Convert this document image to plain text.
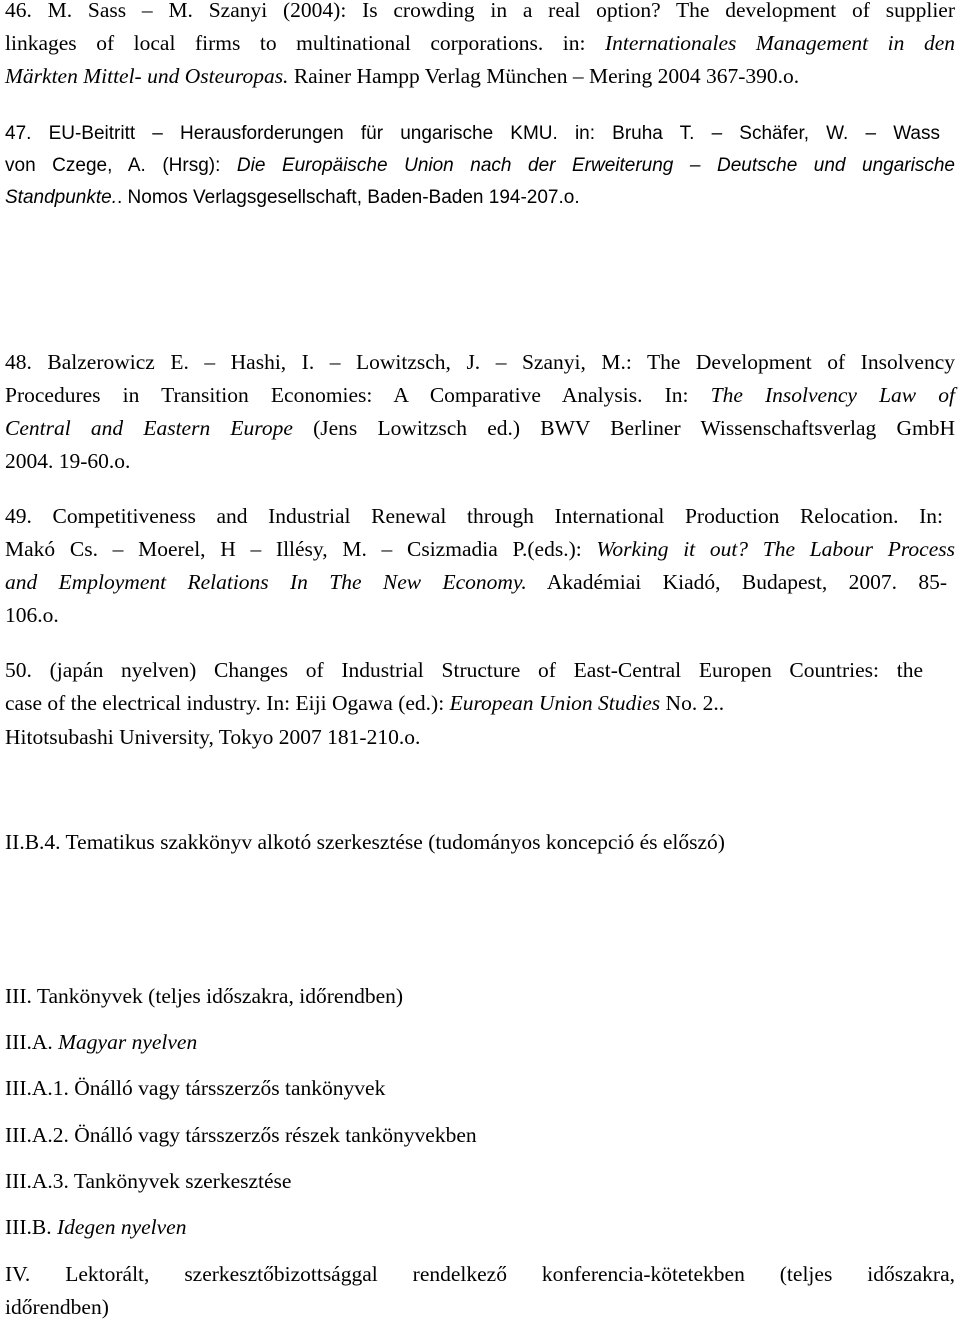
46. M. Sass – M. Szanyi (2004): Is crowding in a real option? The development of supplier
linkages of local firms to multinational corporations. in: Internationales Management in den
Märkten Mittel- und Osteuropas. Rainer Hampp Verlag München – Mering 2004 367-390.o.
47. EU-Beitritt – Herausforderungen für ungarische KMU. in: Bruha T. – Schäfer, W. – Wass
von Czege, A. (Hrsg): Die Europäische Union nach der Erweiterung – Deutsche und ungarische
Standpunkte.. Nomos Verlagsgesellschaft, Baden-Baden 194-207.o.
48. Balzerowicz E. – Hashi, I. – Lowitzsch, J. – Szanyi, M.: The Development of Insolvency
Procedures in Transition Economies: A Comparative Analysis. In: The Insolvency Law of
Central and Eastern Europe (Jens Lowitzsch ed.) BWV Berliner Wissenschaftsverlag GmbH
2004. 19-60.o.
49. Competitiveness and Industrial Renewal through International Production Relocation. In:
Makó Cs. – Moerel, H – Illésy, M. – Csizmadia P.(eds.): Working it out? The Labour Process
and Employment Relations In The New Economy. Akadémiai Kiadó, Budapest, 2007. 85-
106.o.
50. (japán nyelven) Changes of Industrial Structure of East-Central Europen Countries: the
case of the electrical industry. In: Eiji Ogawa (ed.): European Union Studies No. 2..
Hitotsubashi University, Tokyo 2007 181-210.o.
II.B.4. Tematikus szakkönyv alkotó szerkesztése (tudományos koncepció és előszó)
III. Tankönyvek (teljes időszakra, időrendben)
III.A. Magyar nyelven
III.A.1. Önálló vagy társszerzős tankönyvek
III.A.2. Önálló vagy társszerzős részek tankönyvekben
III.A.3. Tankönyvek szerkesztése
III.B. Idegen nyelven
IV. Lektorált, szerkesztőbizottsággal rendelkező konferencia-kötetekben (teljes időszakra,
időrendben)
